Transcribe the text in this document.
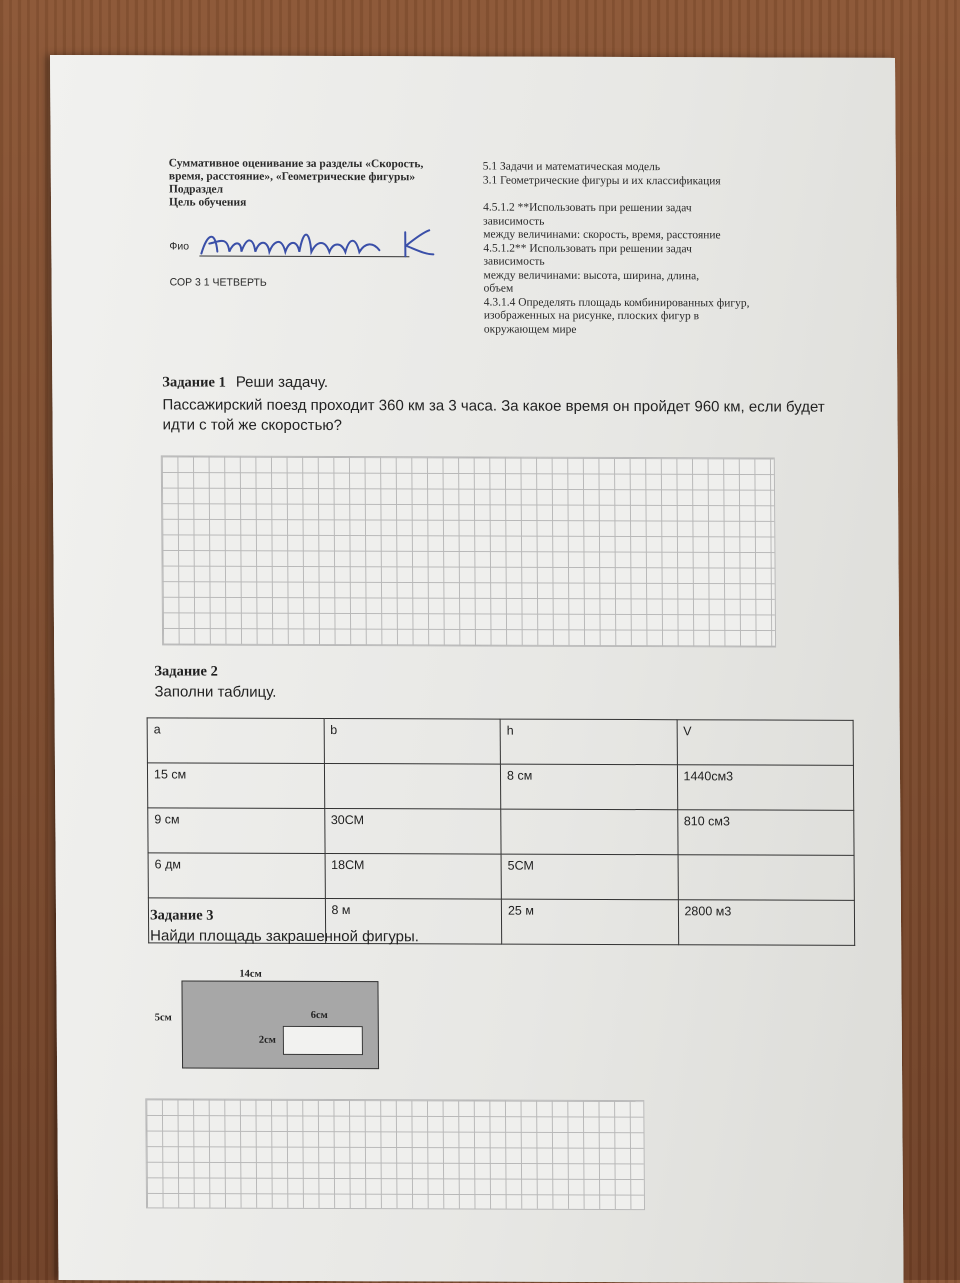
Суммативное оценивание за разделы «Скорость,
время, расстояние», «Геометрические фигуры»
Подраздел
Цель обучения
5.1 Задачи и математическая модель
3.1 Геометрические фигуры и их классификация
4.5.1.2 **Использовать при решении задач
зависимость
между величинами: скорость, время, расстояние
4.5.1.2** Использовать при решении задач
зависимость
между величинами: высота, ширина, длина,
объем
4.3.1.4 Определять площадь комбинированных фигур,
изображенных на рисунке, плоских фигур в
окружающем мире
Фио
СОР 3 1 ЧЕТВЕРТЬ
Задание 1 Реши задачу.
Пассажирский поезд проходит 360 км за 3 часа. За какое время он пройдет 960 км, если будет
идти с той же скоростью?
Задание 2
Заполни таблицу.
a	b	h	V
15 см		8 см	1440см3
9 см	30СМ		810 см3
6 дм	18СМ	5СМ	
	8 м	25 м	2800 м3
Задание 3
Найди площадь закрашенной фигуры.
14см
5см	6см
2см
